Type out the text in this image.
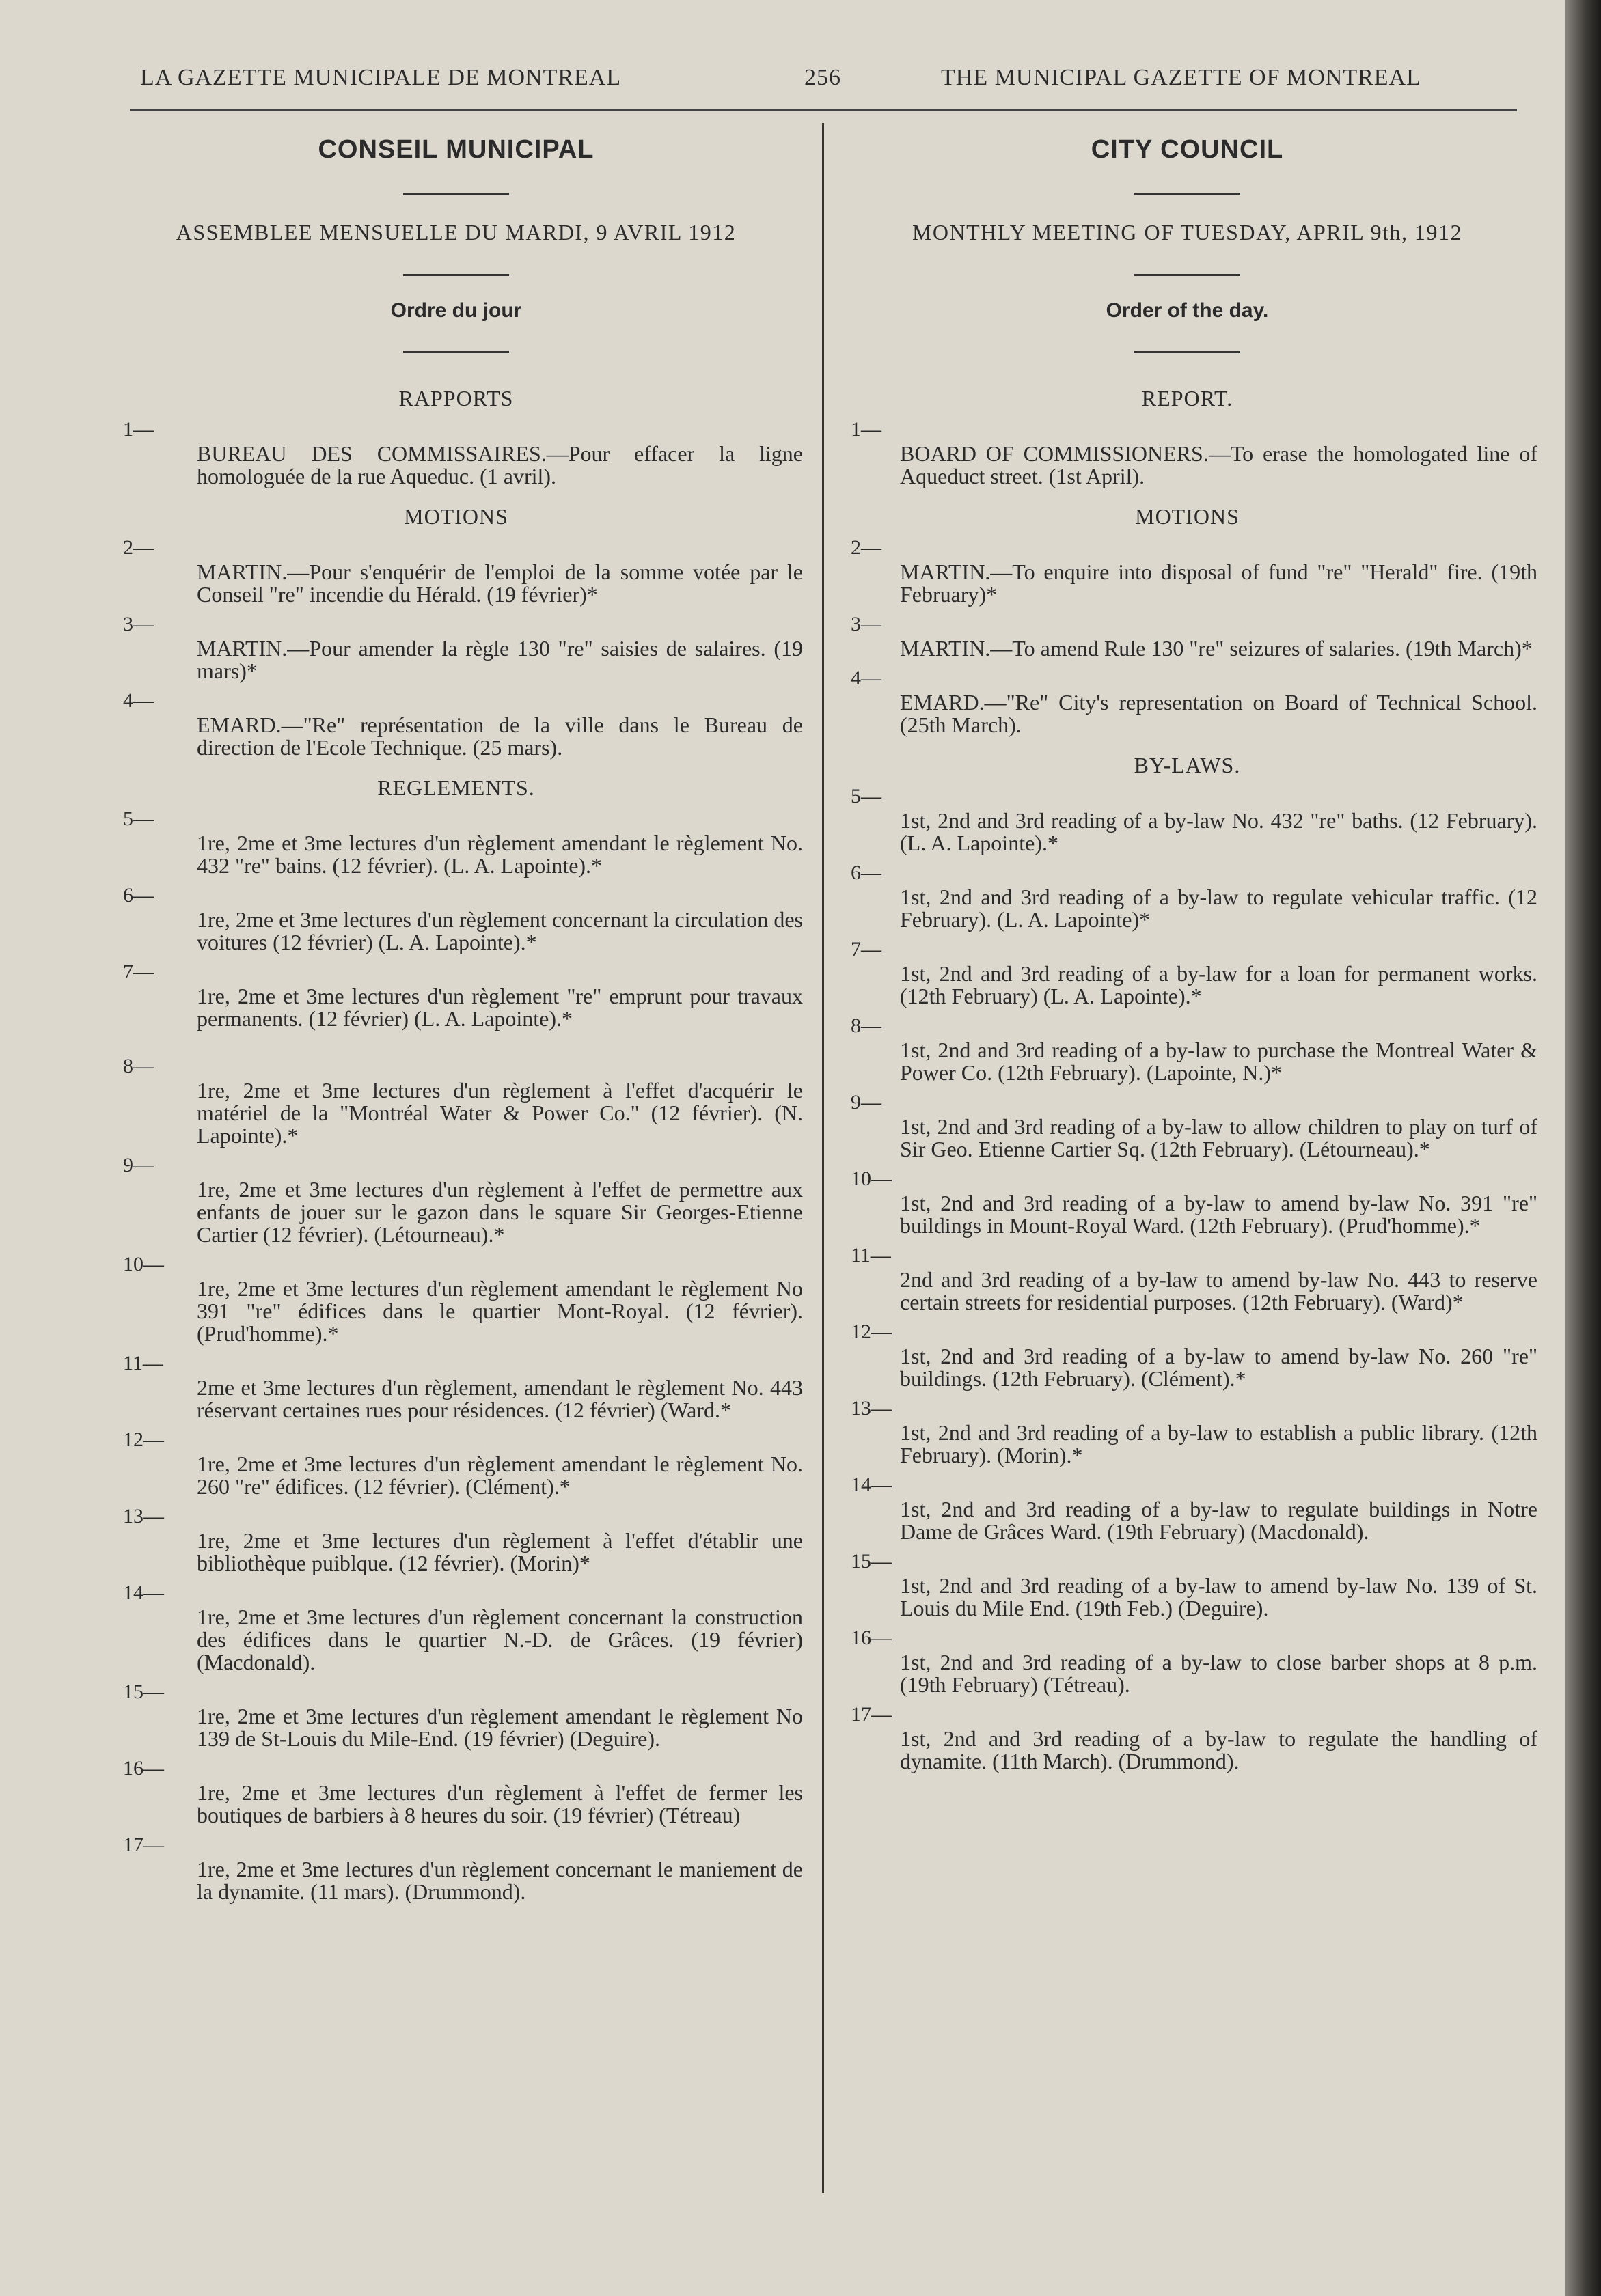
LA GAZETTE MUNICIPALE DE MONTREAL	256	THE MUNICIPAL GAZETTE OF MONTREAL
CONSEIL MUNICIPAL
ASSEMBLEE MENSUELLE DU MARDI, 9 AVRIL 1912
Ordre du jour
RAPPORTS
1—
BUREAU DES COMMISSAIRES.—Pour effacer la ligne homologuée de la rue Aqueduc. (1 avril).
MOTIONS
2—
MARTIN.—Pour s'enquérir de l'emploi de la somme votée par le Conseil "re" incendie du Hérald. (19 février)*
3—
MARTIN.—Pour amender la règle 130 "re" saisies de salaires. (19 mars)*
4—
EMARD.—"Re" représentation de la ville dans le Bureau de direction de l'Ecole Technique. (25 mars).
REGLEMENTS.
5—
1re, 2me et 3me lectures d'un règlement amendant le règlement No. 432 "re" bains. (12 février). (L. A. Lapointe).*
6—
1re, 2me et 3me lectures d'un règlement concernant la circulation des voitures (12 février) (L. A. Lapointe).*
7—
1re, 2me et 3me lectures d'un règlement "re" emprunt pour travaux permanents. (12 février) (L. A. Lapointe).*
8—
1re, 2me et 3me lectures d'un règlement à l'effet d'acquérir le matériel de la "Montréal Water & Power Co." (12 février). (N. Lapointe).*
9—
1re, 2me et 3me lectures d'un règlement à l'effet de permettre aux enfants de jouer sur le gazon dans le square Sir Georges-Etienne Cartier (12 février). (Létourneau).*
10—
1re, 2me et 3me lectures d'un règlement amendant le règlement No 391 "re" édifices dans le quartier Mont-Royal. (12 février). (Prud'homme).*
11—
2me et 3me lectures d'un règlement, amendant le règlement No. 443 réservant certaines rues pour résidences. (12 février) (Ward.*
12—
1re, 2me et 3me lectures d'un règlement amendant le règlement No. 260 "re" édifices. (12 février). (Clément).*
13—
1re, 2me et 3me lectures d'un règlement à l'effet d'établir une bibliothèque puiblque. (12 février). (Morin)*
14—
1re, 2me et 3me lectures d'un règlement concernant la construction des édifices dans le quartier N.-D. de Grâces. (19 février) (Macdonald).
15—
1re, 2me et 3me lectures d'un règlement amendant le règlement No 139 de St-Louis du Mile-End. (19 février) (Deguire).
16—
1re, 2me et 3me lectures d'un règlement à l'effet de fermer les boutiques de barbiers à 8 heures du soir. (19 février) (Tétreau)
17—
1re, 2me et 3me lectures d'un règlement concernant le maniement de la dynamite. (11 mars). (Drummond).
CITY COUNCIL
MONTHLY MEETING OF TUESDAY, APRIL 9th, 1912
Order of the day.
REPORT.
1—
BOARD OF COMMISSIONERS.—To erase the homologated line of Aqueduct street. (1st April).
MOTIONS
2—
MARTIN.—To enquire into disposal of fund "re" "Herald" fire. (19th February)*
3—
MARTIN.—To amend Rule 130 "re" seizures of salaries. (19th March)*
4—
EMARD.—"Re" City's representation on Board of Technical School. (25th March).
BY-LAWS.
5—
1st, 2nd and 3rd reading of a by-law No. 432 "re" baths. (12 February). (L. A. Lapointe).*
6—
1st, 2nd and 3rd reading of a by-law to regulate vehicular traffic. (12 February). (L. A. Lapointe)*
7—
1st, 2nd and 3rd reading of a by-law for a loan for permanent works. (12th February) (L. A. Lapointe).*
8—
1st, 2nd and 3rd reading of a by-law to purchase the Montreal Water & Power Co. (12th February). (Lapointe, N.)*
9—
1st, 2nd and 3rd reading of a by-law to allow children to play on turf of Sir Geo. Etienne Cartier Sq. (12th February). (Létourneau).*
10—
1st, 2nd and 3rd reading of a by-law to amend by-law No. 391 "re" buildings in Mount-Royal Ward. (12th February). (Prud'homme).*
11—
2nd and 3rd reading of a by-law to amend by-law No. 443 to reserve certain streets for residential purposes. (12th February). (Ward)*
12—
1st, 2nd and 3rd reading of a by-law to amend by-law No. 260 "re" buildings. (12th February). (Clément).*
13—
1st, 2nd and 3rd reading of a by-law to establish a public library. (12th February). (Morin).*
14—
1st, 2nd and 3rd reading of a by-law to regulate buildings in Notre Dame de Grâces Ward. (19th February) (Macdonald).
15—
1st, 2nd and 3rd reading of a by-law to amend by-law No. 139 of St. Louis du Mile End. (19th Feb.) (Deguire).
16—
1st, 2nd and 3rd reading of a by-law to close barber shops at 8 p.m. (19th February) (Tétreau).
17—
1st, 2nd and 3rd reading of a by-law to regulate the handling of dynamite. (11th March). (Drummond).
